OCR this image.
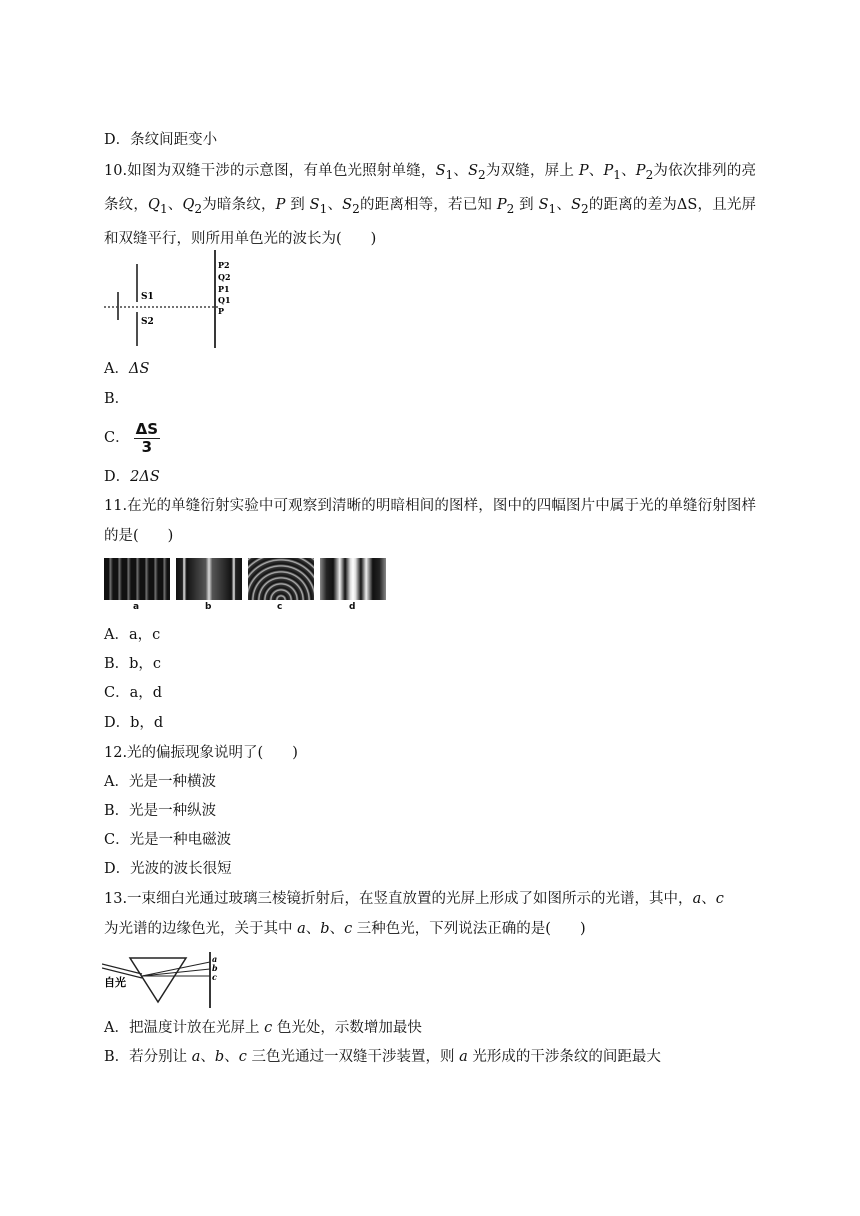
D．条纹间距变小
10.如图为双缝干涉的示意图，有单色光照射单缝，$S_1$、$S_2$为双缝，屏上 P、$P_1$、$P_2$为依次排列的亮条纹，$Q_1$、$Q_2$为暗条纹，P 到 $S_1$、$S_2$的距离相等，若已知 $P_2$ 到 $S_1$、$S_2$的距离的差为ΔS，且光屏和双缝平行，则所用单色光的波长为(　　)
S1
S2
P2
Q2
P1
Q1
P
A．ΔS
B．
C． $\frac{\Delta S}{3}$
D．2ΔS
11.在光的单缝衍射实验中可观察到清晰的明暗相间的图样，图中的四幅图片中属于光的单缝衍射图样的是(　　)
a	b	c	d
A．a，c
B．b，c
C．a，d
D．b，d
12.光的偏振现象说明了(　　)
A．光是一种横波
B．光是一种纵波
C．光是一种电磁波
D．光波的波长很短
13.一束细白光通过玻璃三棱镜折射后，在竖直放置的光屏上形成了如图所示的光谱，其中，a、c
为光谱的边缘色光，关于其中 a、b、c 三种色光，下列说法正确的是(　　)
自光
a
b
c
A．把温度计放在光屏上 c 色光处，示数增加最快
B．若分别让 a、b、c 三色光通过一双缝干涉装置，则 a 光形成的干涉条纹的间距最大
